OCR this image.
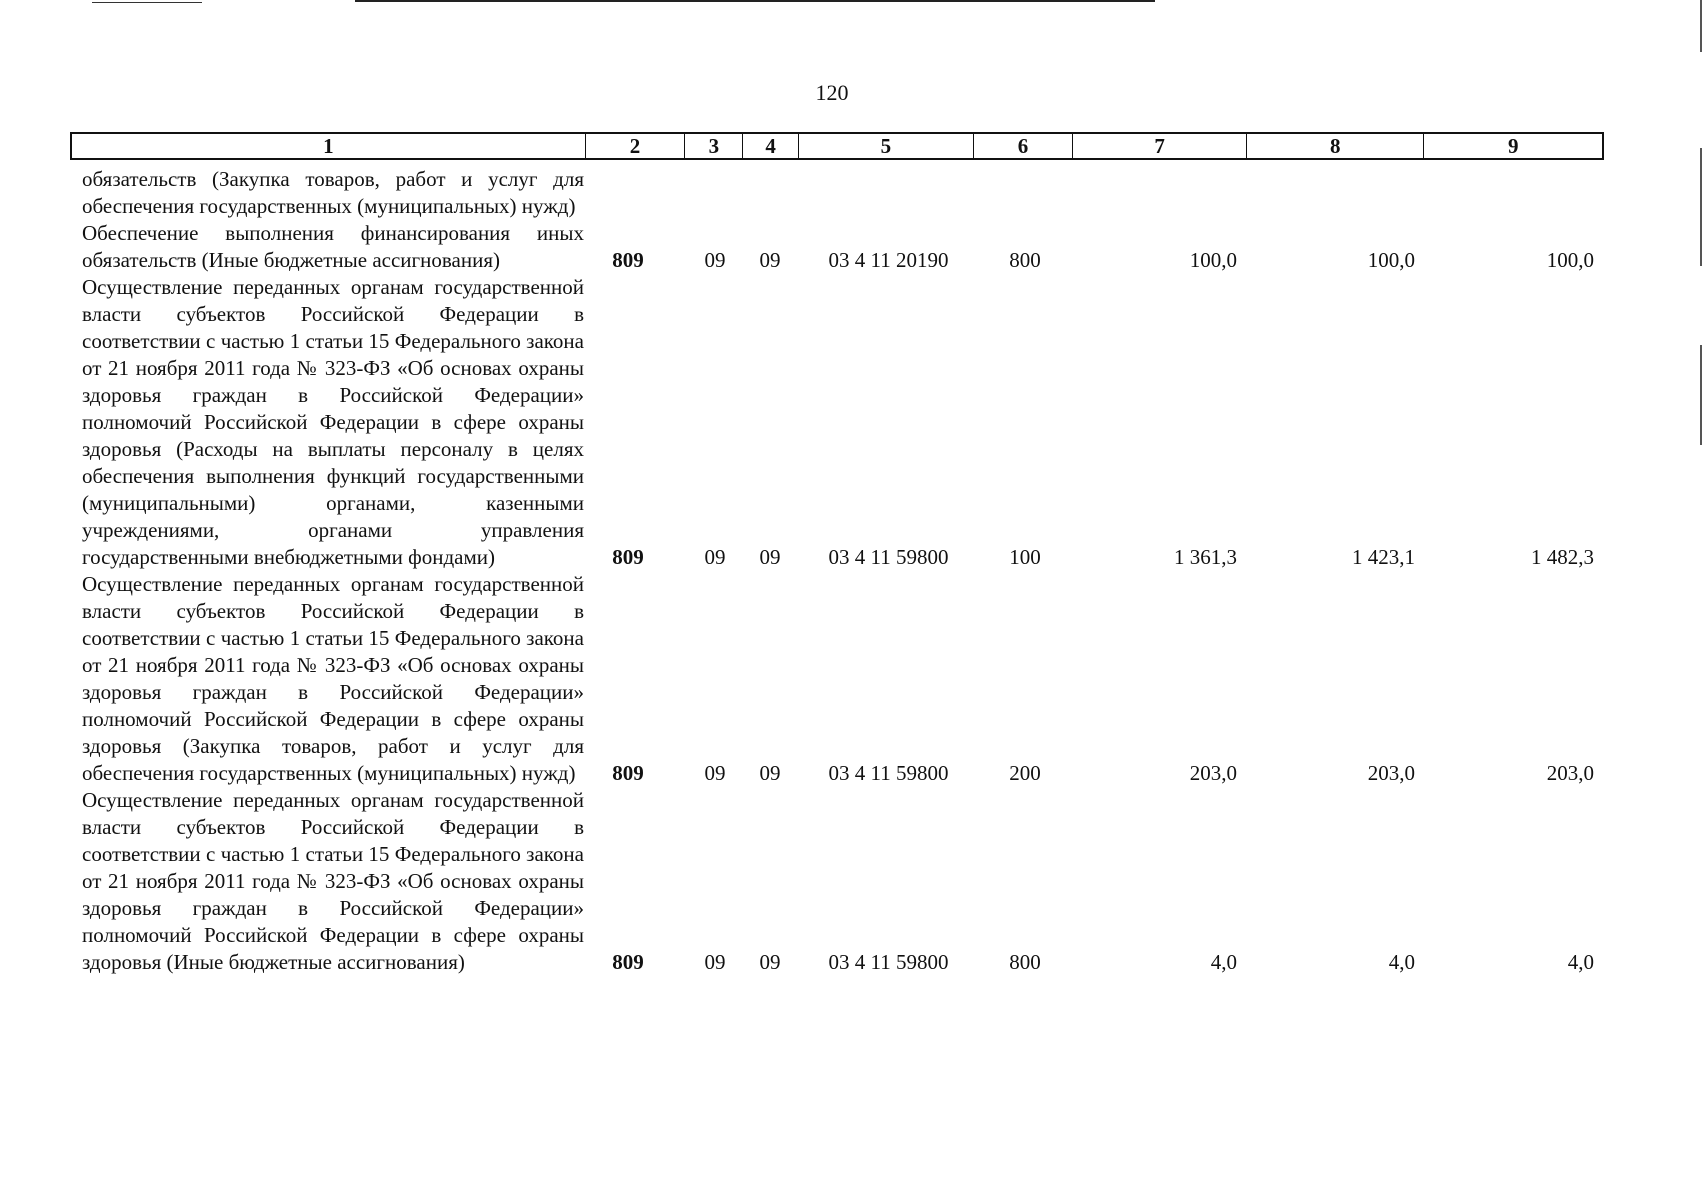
120
1	2	3	4	5	6	7	8	9

обязательств (Закупка товаров, работ и услуг для обеспечения государственных (муниципальных) нужд)

Обеспечение выполнения финансирования иных обязательств (Иные бюджетные ассигнования)	809	09	09	03 4 11 20190	800	100,0	100,0	100,0

Осуществление переданных органам государственной власти субъектов Российской Федерации в соответствии с частью 1 статьи 15 Федерального закона от 21 ноября 2011 года № 323-ФЗ «Об основах охраны здоровья граждан в Российской Федерации» полномочий Российской Федерации в сфере охраны здоровья (Расходы на выплаты персоналу в целях обеспечения выполнения функций государственными (муниципальными) органами, казенными учреждениями, органами управления государственными внебюджетными фондами)	809	09	09	03 4 11 59800	100	1 361,3	1 423,1	1 482,3

Осуществление переданных органам государственной власти субъектов Российской Федерации в соответствии с частью 1 статьи 15 Федерального закона от 21 ноября 2011 года № 323-ФЗ «Об основах охраны здоровья граждан в Российской Федерации» полномочий Российской Федерации в сфере охраны здоровья (Закупка товаров, работ и услуг для обеспечения государственных (муниципальных) нужд)	809	09	09	03 4 11 59800	200	203,0	203,0	203,0

Осуществление переданных органам государственной власти субъектов Российской Федерации в соответствии с частью 1 статьи 15 Федерального закона от 21 ноября 2011 года № 323-ФЗ «Об основах охраны здоровья граждан в Российской Федерации» полномочий Российской Федерации в сфере охраны здоровья (Иные бюджетные ассигнования)	809	09	09	03 4 11 59800	800	4,0	4,0	4,0
